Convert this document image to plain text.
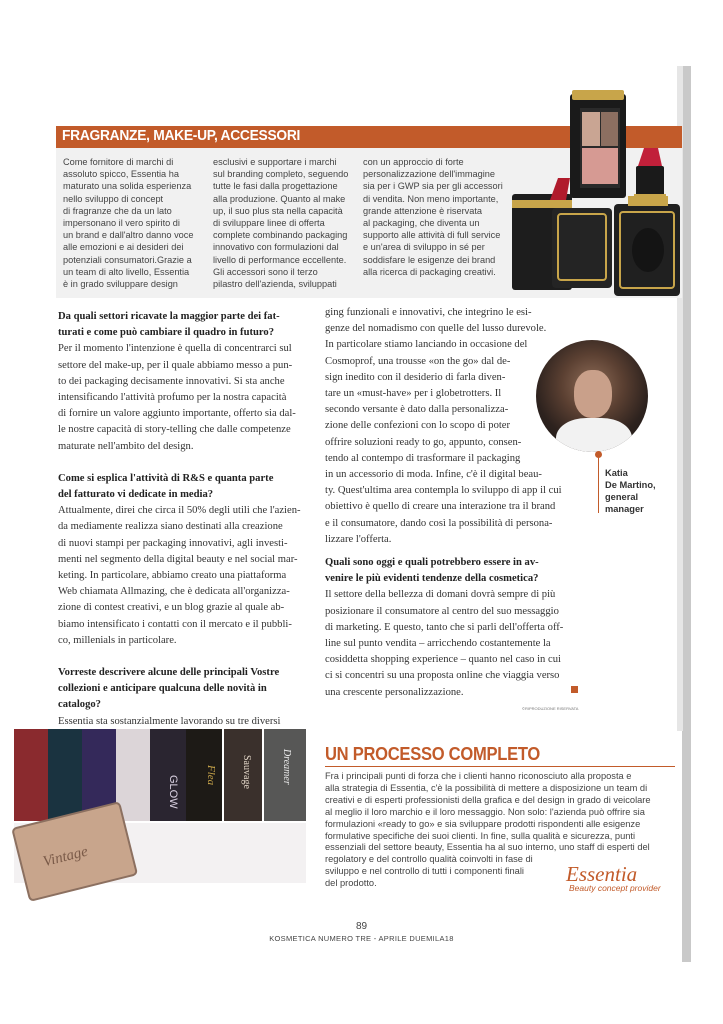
FRAGRANZE, MAKE-UP, ACCESSORI
Come fornitore di marchi di
assoluto spicco, Essentia ha
maturato una solida esperienza
nello sviluppo di concept
di fragranze che da un lato
impersonano il vero spirito di
un brand e dall'altro danno voce
alle emozioni e ai desideri dei
potenziali consumatori.Grazie a
un team di alto livello, Essentia
è in grado sviluppare design
esclusivi e supportare i marchi
sul branding completo, seguendo
tutte le fasi dalla progettazione
alla produzione. Quanto al make
up, il suo plus sta nella capacità
di sviluppare linee di offerta
complete combinando packaging
innovativo con formulazioni dal
livello di performance eccellente.
Gli accessori sono il terzo
pilastro dell'azienda, sviluppati
con un approccio di forte
personalizzazione dell'immagine
sia per i GWP sia per gli accessori
di vendita. Non meno importante,
grande attenzione è riservata
al packaging, che diventa un
supporto alle attività di full service
e un'area di sviluppo in sé per
soddisfare le esigenze dei brand
alla ricerca di packaging creativi.
Da quali settori ricavate la maggior parte dei fat-
turati e come può cambiare il quadro in futuro?
Per il momento l'intenzione è quella di concentrarci sul
settore del make-up, per il quale abbiamo messo a pun-
to dei packaging decisamente innovativi. Si sta anche
intensificando l'attività profumo per la nostra capacità
di fornire un valore aggiunto importante, offerto sia dal-
le nostre capacità di story-telling che dalle competenze
maturate nell'ambito del design.
Come si esplica l'attività di R&S e quanta parte
del fatturato vi dedicate in media?
Attualmente, direi che circa il 50% degli utili che l'azien-
da mediamente realizza siano destinati alla creazione
di nuovi stampi per packaging innovativi, agli investi-
menti nel segmento della digital beauty e nel social mar-
keting. In particolare, abbiamo creato una piattaforma
Web chiamata Allmazing, che è dedicata all'organizza-
zione di contest creativi, e un blog grazie al quale ab-
biamo intensificato i contatti con il mercato e il pubbli-
co, millenials in particolare.
Vorreste descrivere alcune delle principali Vostre
collezioni e anticipare qualcuna delle novità in
catalogo?
Essentia sta sostanzialmente lavorando su tre diversi
ging funzionali e innovativi, che integrino le esi-
genze del nomadismo con quelle del lusso durevole.
In particolare stiamo lanciando in occasione del
Cosmoprof, una trousse «on the go» dal de-
sign inedito con il desiderio di farla diven-
tare un «must-have» per i globetrotters. Il
secondo versante è dato dalla personalizza-
zione delle confezioni con lo scopo di poter
offrire soluzioni ready to go, appunto, consen-
tendo al contempo di trasformare il packaging
in un accessorio di moda. Infine, c'è il digital beau-
ty. Quest'ultima area contempla lo sviluppo di app il cui
obiettivo è quello di creare una interazione tra il brand
e il consumatore, dando così la possibilità di persona-
lizzare l'offerta.
Quali sono oggi e quali potrebbero essere in av-
venire le più evidenti tendenze della cosmetica?
Il settore della bellezza di domani dovrà sempre di più
posizionare il consumatore al centro del suo messaggio
di marketing. E questo, tanto che si parli dell'offerta off-
line sul punto vendita – arricchendo costantemente la
cosiddetta shopping experience – quanto nel caso in cui
ci si concentri su una proposta online che viaggia verso
una crescente personalizzazione.
Katia
De Martino,
general
manager
©RIPRODUZIONE RISERVATA
GLOW Flea Sauvage	Dreamer
Vintage
UN PROCESSO COMPLETO
Fra i principali punti di forza che i clienti hanno riconosciuto alla proposta e
alla strategia di Essentia, c'è la possibilità di mettere a disposizione un team di
creativi e di esperti professionisti della grafica e del design in grado di veicolare
al meglio il loro marchio e il loro messaggio. Non solo: l'azienda può offrire sia
formulazioni «ready to go» e sia sviluppare prodotti rispondenti alle esigenze
formulative specifiche dei suoi clienti. In fine, sulla qualità e sicurezza, punti
essenziali del settore beauty, Essentia ha al suo interno, uno staff di esperti del
regolatory e del controllo qualità coinvolti in fase di
sviluppo e nel controllo di tutti i componenti finali
del prodotto.	Essentia
Beauty concept provider
89
KOSMETICA NUMERO TRE - APRILE DUEMILA18
